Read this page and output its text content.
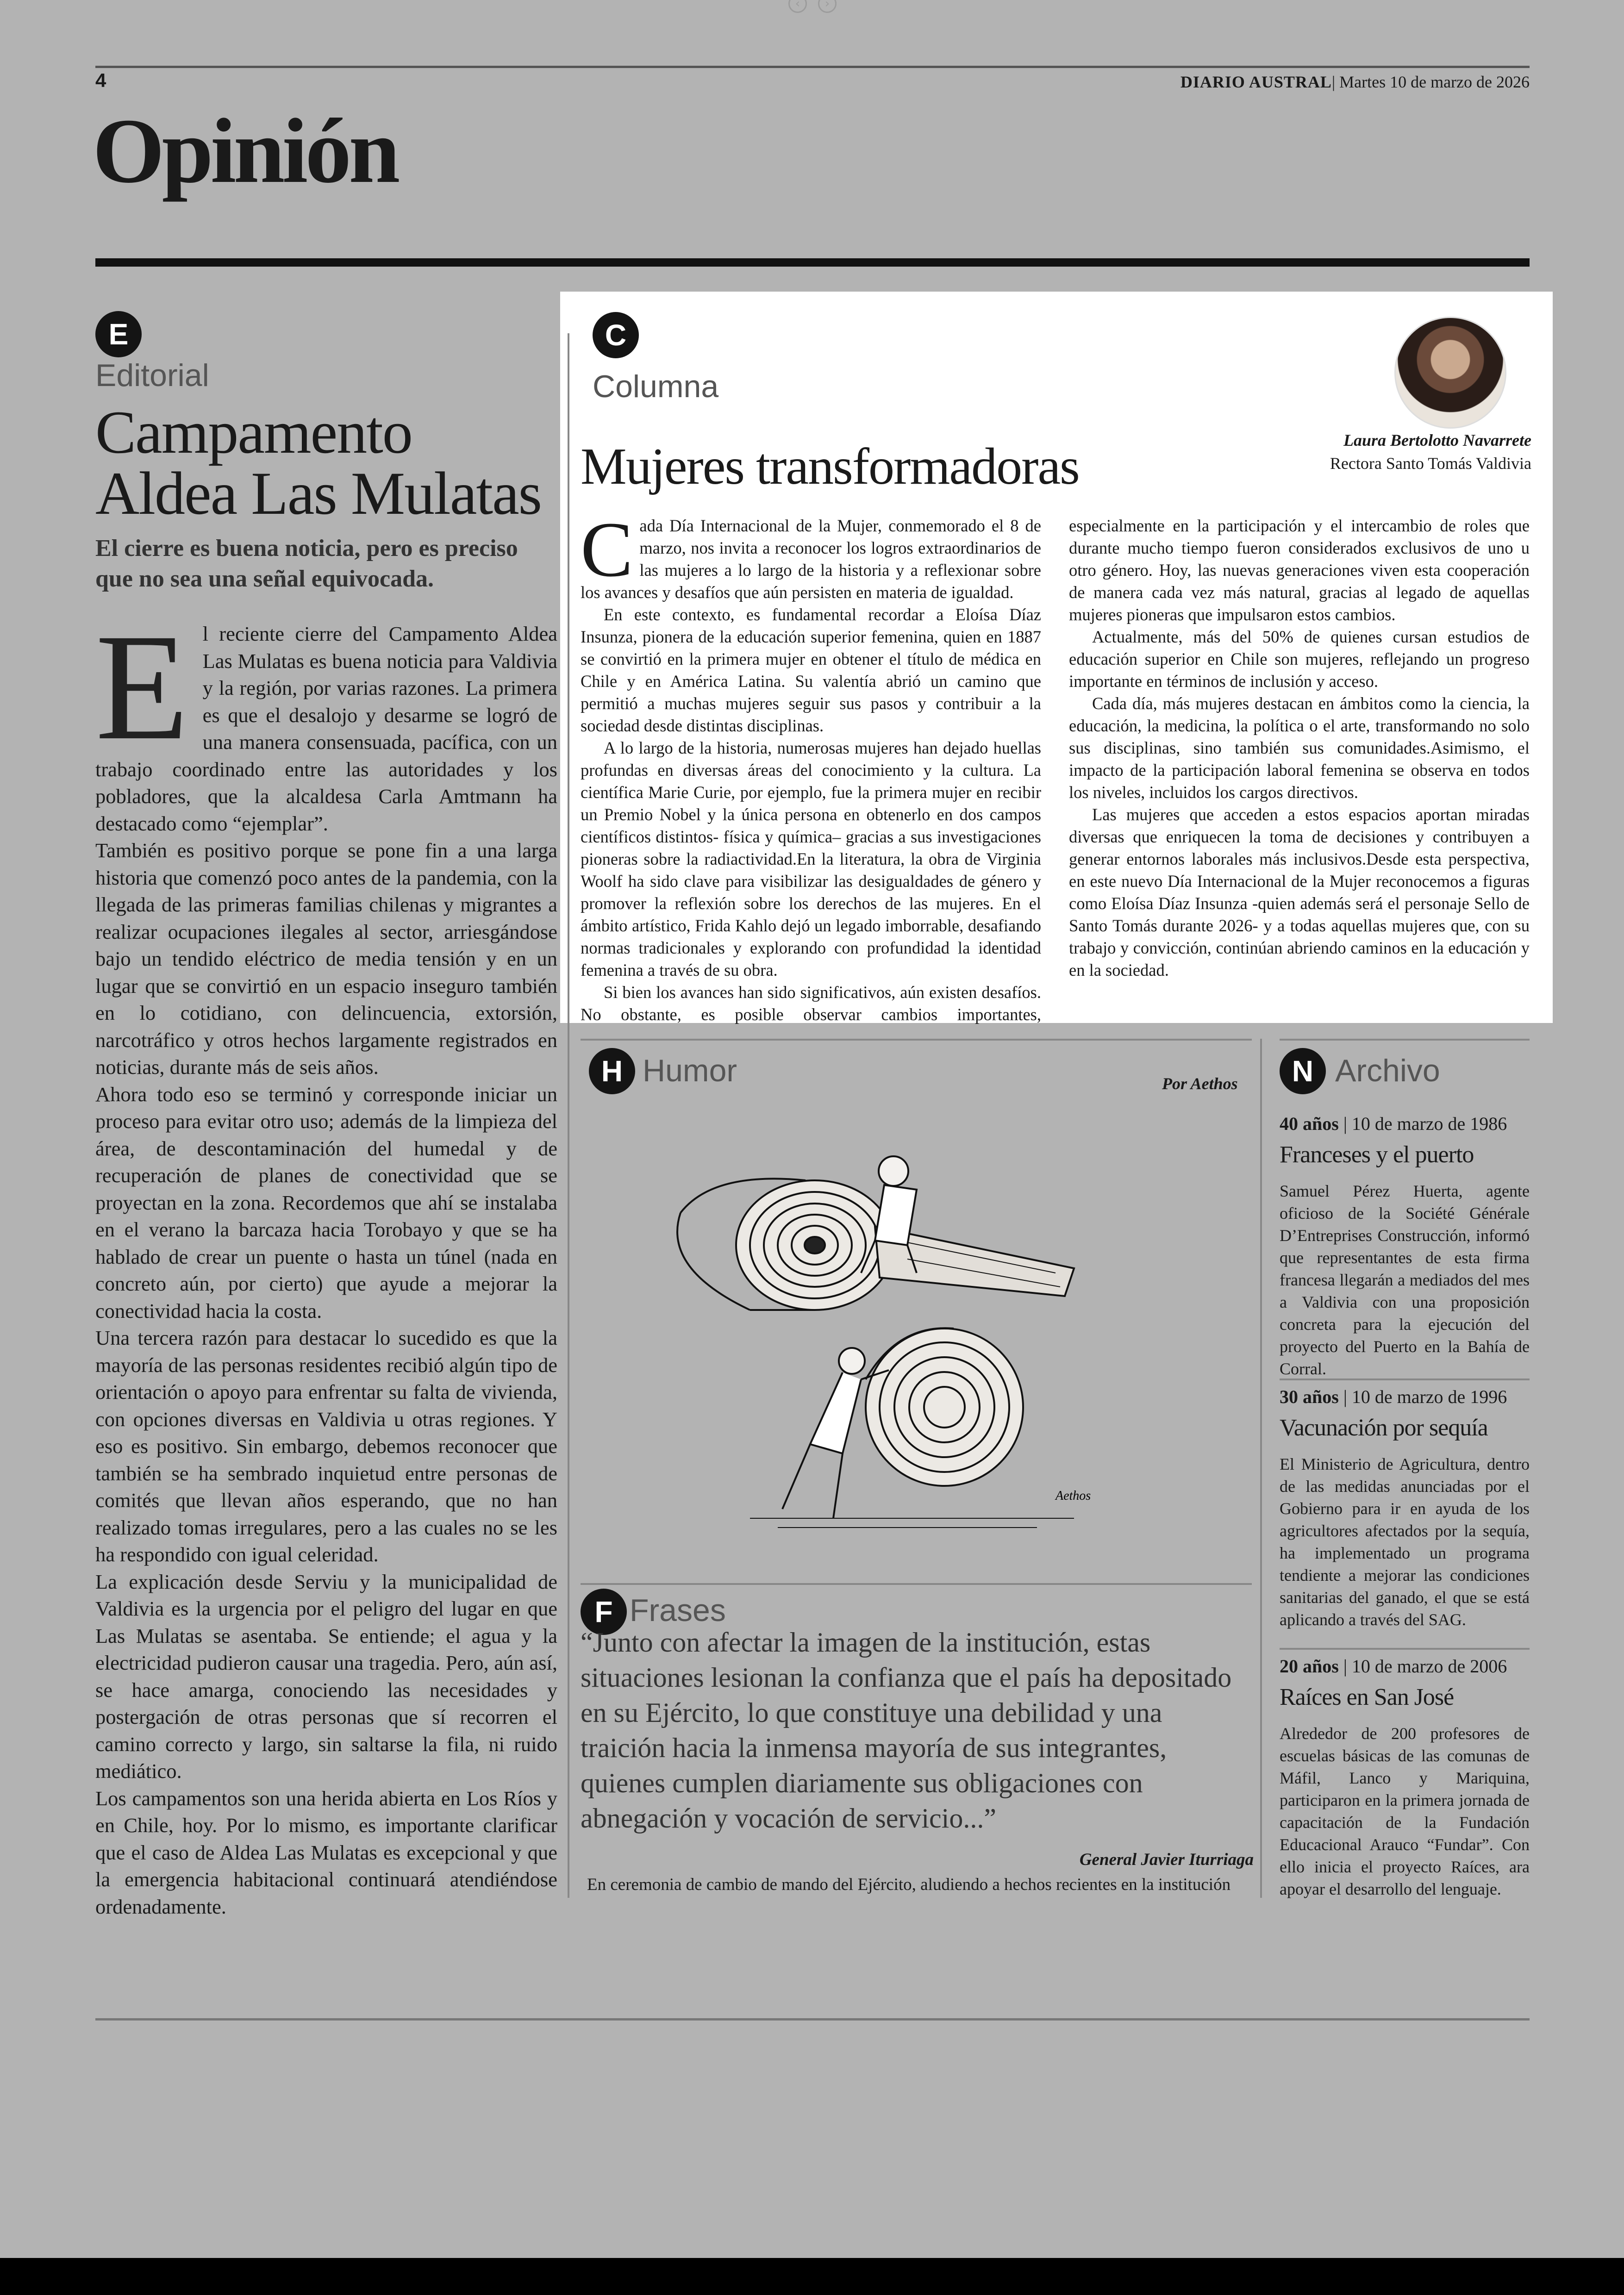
‹	›
4	DIARIO AUSTRAL| Martes 10 de marzo de 2026
Opinión
E
Editorial
Campamento Aldea Las Mulatas
El cierre es buena noticia, pero es preciso que no sea una señal equivocada.
E l reciente cierre del Campamento Aldea Las Mulatas es buena noticia para Valdivia y la región, por varias razones. La primera es que el desalojo y desarme se logró de una manera consensuada, pacífica, con un trabajo coordinado entre las autoridades y los pobladores, que la alcaldesa Carla Amtmann ha destacado como “ejemplar”.

También es positivo porque se pone fin a una larga historia que comenzó poco antes de la pandemia, con la llegada de las primeras familias chilenas y migrantes a realizar ocupaciones ilegales al sector, arriesgándose bajo un tendido eléctrico de media tensión y en un lugar que se convirtió en un espacio inseguro también en lo cotidiano, con delincuencia, extorsión, narcotráfico y otros hechos largamente registrados en noticias, durante más de seis años.

Ahora todo eso se terminó y corresponde iniciar un proceso para evitar otro uso; además de la limpieza del área, de descontaminación del humedal y de recuperación de planes de conectividad que se proyectan en la zona. Recordemos que ahí se instalaba en el verano la barcaza hacia Torobayo y que se ha hablado de crear un puente o hasta un túnel (nada en concreto aún, por cierto) que ayude a mejorar la conectividad hacia la costa.

Una tercera razón para destacar lo sucedido es que la mayoría de las personas residentes recibió algún tipo de orientación o apoyo para enfrentar su falta de vivienda, con opciones diversas en Valdivia u otras regiones. Y eso es positivo. Sin embargo, debemos reconocer que también se ha sembrado inquietud entre personas de comités que llevan años esperando, que no han realizado tomas irregulares, pero a las cuales no se les ha respondido con igual celeridad.

La explicación desde Serviu y la municipalidad de Valdivia es la urgencia por el peligro del lugar en que Las Mulatas se asentaba. Se entiende; el agua y la electricidad pudieron causar una tragedia. Pero, aún así, se hace amarga, conociendo las necesidades y postergación de otras personas que sí recorren el camino correcto y largo, sin saltarse la fila, ni ruido mediático.

Los campamentos son una herida abierta en Los Ríos y en Chile, hoy. Por lo mismo, es importante clarificar que el caso de Aldea Las Mulatas es excepcional y que la emergencia habitacional continuará atendiéndose ordenadamente.

C
Columna
Mujeres transformadoras	Laura Bertolotto Navarrete
Rectora Santo Tomás Valdivia

Cada Día Internacional de la Mujer, conmemorado el 8 de marzo, nos invita a reconocer los logros extraordinarios de las mujeres a lo largo de la historia y a reflexionar sobre los avances y desafíos que aún persisten en materia de igualdad.

En este contexto, es fundamental recordar a Eloísa Díaz Insunza, pionera de la educación superior femenina, quien en 1887 se convirtió en la primera mujer en obtener el título de médica en Chile y en América Latina. Su valentía abrió un camino que permitió a muchas mujeres seguir sus pasos y contribuir a la sociedad desde distintas disciplinas.

A lo largo de la historia, numerosas mujeres han dejado huellas profundas en diversas áreas del conocimiento y la cultura. La científica Marie Curie, por ejemplo, fue la primera mujer en recibir un Premio Nobel y la única persona en obtenerlo en dos campos científicos distintos- física y química– gracias a sus investigaciones pioneras sobre la radiactividad.En la literatura, la obra de Virginia Woolf ha sido clave para visibilizar las desigualdades de género y promover la reflexión sobre los derechos de las mujeres. En el ámbito artístico, Frida Kahlo dejó un legado imborrable, desafiando normas tradicionales y explorando con profundidad la identidad femenina a través de su obra.

Si bien los avances han sido significativos, aún existen desafíos. No obstante, es posible observar cambios importantes, especialmente en la participación y el intercambio de roles que durante mucho tiempo fueron considerados exclusivos de uno u otro género. Hoy, las nuevas generaciones viven esta cooperación de manera cada vez más natural, gracias al legado de aquellas mujeres pioneras que impulsaron estos cambios.

Actualmente, más del 50% de quienes cursan estudios de educación superior en Chile son mujeres, reflejando un progreso importante en términos de inclusión y acceso.

Cada día, más mujeres destacan en ámbitos como la ciencia, la educación, la medicina, la política o el arte, transformando no solo sus disciplinas, sino también sus comunidades.Asimismo, el impacto de la participación laboral femenina se observa en todos los niveles, incluidos los cargos directivos.

Las mujeres que acceden a estos espacios aportan miradas diversas que enriquecen la toma de decisiones y contribuyen a generar entornos laborales más inclusivos.Desde esta perspectiva, en este nuevo Día Internacional de la Mujer reconocemos a figuras como Eloísa Díaz Insunza -quien además será el personaje Sello de Santo Tomás durante 2026- y a todas aquellas mujeres que, con su trabajo y convicción, continúan abriendo caminos en la educación y en la sociedad.

H Humor	Por Aethos
Aethos
F Frases
“Junto con afectar la imagen de la institución, estas situaciones lesionan la confianza que el país ha depositado en su Ejército, lo que constituye una debilidad y una traición hacia la inmensa mayoría de sus integrantes, quienes cumplen diariamente sus obligaciones con abnegación y vocación de servicio...”
General Javier Iturriaga
En ceremonia de cambio de mando del Ejército, aludiendo a hechos recientes en la institución
N Archivo
40 años | 10 de marzo de 1986
Franceses y el puerto

Samuel Pérez Huerta, agente oficioso de la Société Générale D’Entreprises Construcción, informó que representantes de esta firma francesa llegarán a mediados del mes a Valdivia con una proposición concreta para la ejecución del proyecto del Puerto en la Bahía de Corral.

30 años | 10 de marzo de 1996
Vacunación por sequía

El Ministerio de Agricultura, dentro de las medidas anunciadas por el Gobierno para ir en ayuda de los agricultores afectados por la sequía, ha implementado un programa tendiente a mejorar las condiciones sanitarias del ganado, el que se está aplicando a través del SAG.

20 años | 10 de marzo de 2006
Raíces en San José

Alrededor de 200 profesores de escuelas básicas de las comunas de Máfil, Lanco y Mariquina, participaron en la primera jornada de capacitación de la Fundación Educacional Arauco “Fundar”. Con ello inicia el proyecto Raíces, ara apoyar el desarrollo del lenguaje.
